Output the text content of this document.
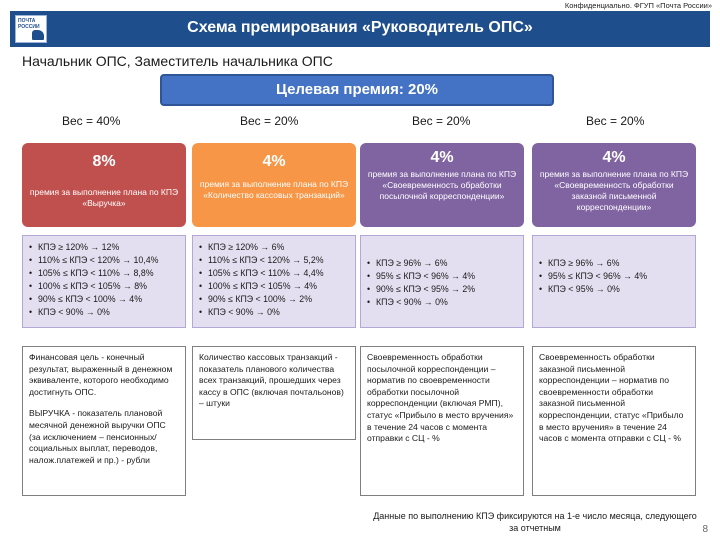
Конфиденциально. ФГУП «Почта России»
ПОЧТА РОССИИ	Схема премирования «Руководитель ОПС»
Начальник ОПС, Заместитель начальника ОПС
Целевая премия: 20%
Вес = 40%	Вес = 20%	Вес = 20%	Вес = 20%
8%
премия за выполнение плана по КПЭ «Выручка»
• КПЭ ≥ 120% → 12%
• 110% ≤ КПЭ < 120% → 10,4%
• 105% ≤ КПЭ < 110% → 8,8%
• 100% ≤ КПЭ < 105% → 8%
• 90% ≤ КПЭ < 100% → 4%
• КПЭ < 90% → 0%

Финансовая цель - конечный результат, выраженный в денежном эквиваленте, которого необходимо достигнуть ОПС.

ВЫРУЧКА - показатель плановой месячной денежной выручки ОПС (за исключением – пенсионных/социальных выплат, переводов, налож.платежей и пр.) - рубли

4%
премия за выполнение плана по КПЭ «Количество кассовых транзакций»
• КПЭ ≥ 120% → 6%
• 110% ≤ КПЭ < 120% → 5,2%
• 105% ≤ КПЭ < 110% → 4,4%
• 100% ≤ КПЭ < 105% → 4%
• 90% ≤ КПЭ < 100% → 2%
• КПЭ < 90% → 0%

Количество кассовых транзакций - показатель планового количества всех транзакций, прошедших через кассу в ОПС (включая почтальонов) – штуки

4%
премия за выполнение плана по КПЭ «Своевременность обработки посылочной корреспонденции»
• КПЭ ≥ 96% → 6%
• 95% ≤ КПЭ < 96% → 4%
• 90% ≤ КПЭ < 95% → 2%
• КПЭ < 90% → 0%

Своевременность обработки посылочной корреспонденции – норматив по своевременности обработки посылочной корреспонденции (включая РМП), статус «Прибыло в место вручения» в течение 24 часов с момента отправки с СЦ - %

4%
премия за выполнение плана по КПЭ «Своевременность обработки заказной письменной корреспонденции»
• КПЭ ≥ 96% → 6%
• 95% ≤ КПЭ < 96% → 4%
• КПЭ < 95% → 0%

Своевременность обработки заказной письменной корреспонденции – норматив по своевременности обработки заказной письменной корреспонденции, статус «Прибыло в место вручения» в течение 24 часов с момента отправки с СЦ - %

Данные по выполнению КПЭ фиксируются на 1-е число месяца, следующего за отчетным	8
